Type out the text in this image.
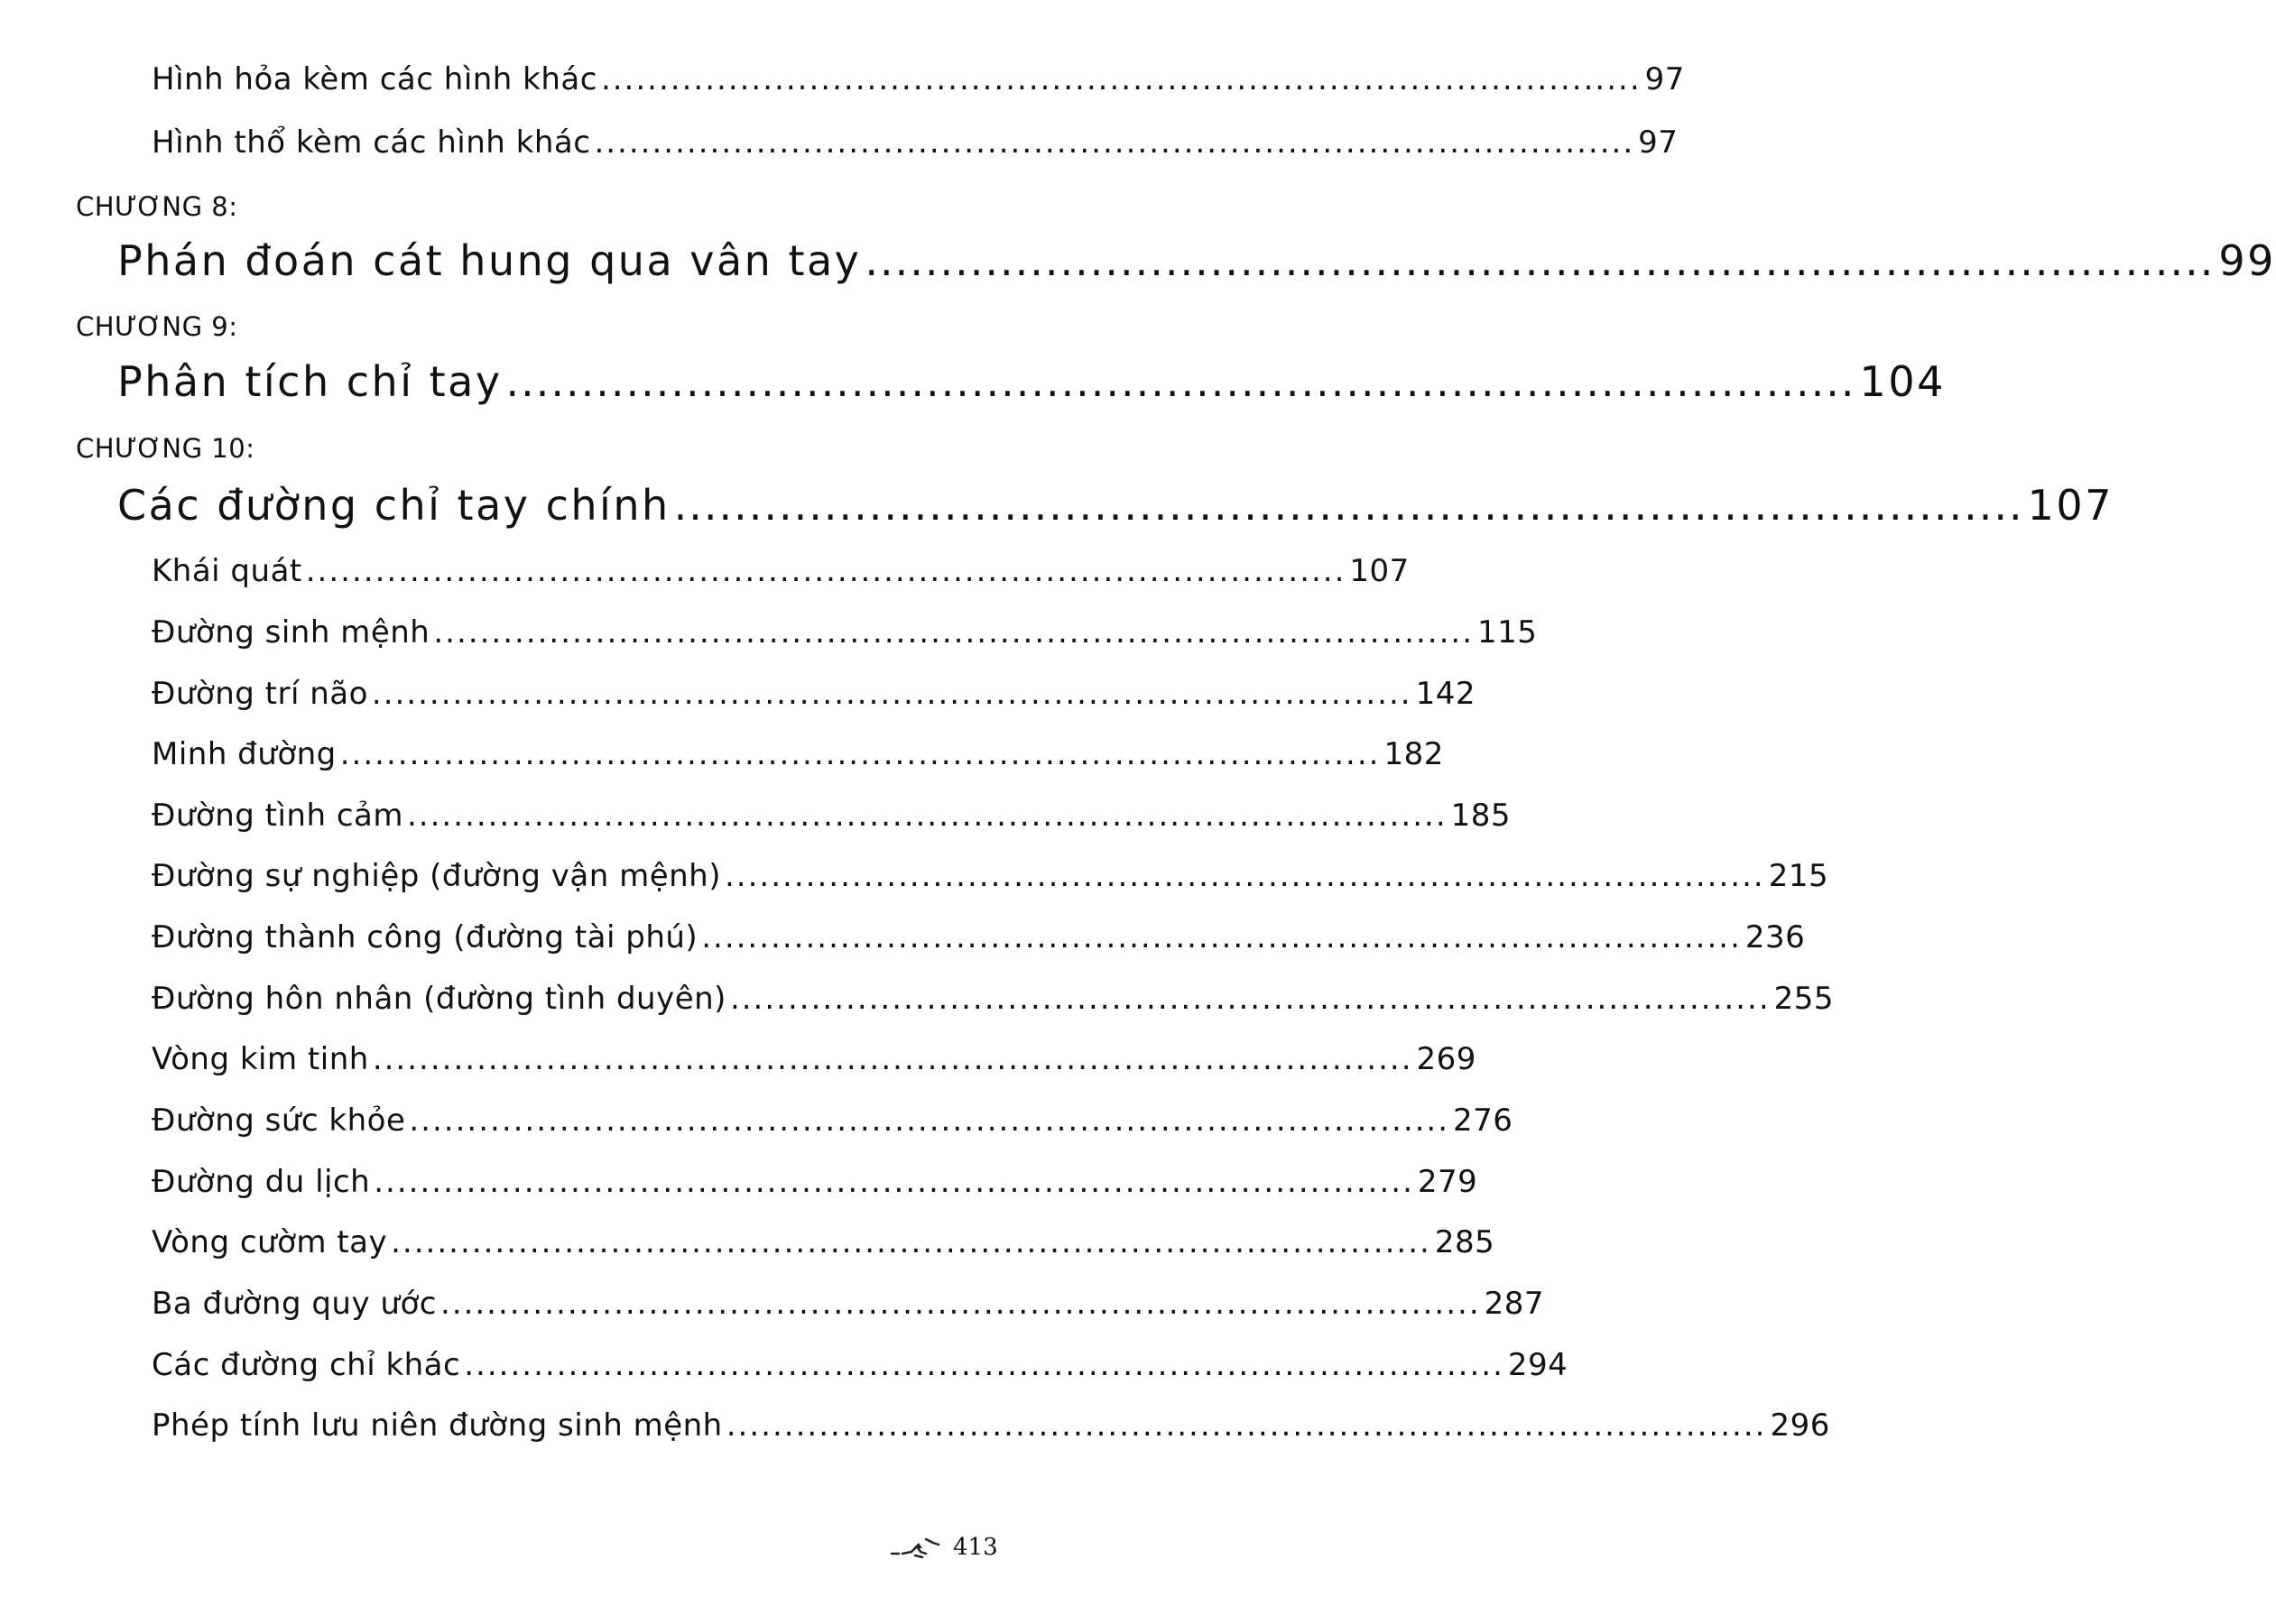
Hình hỏa kèm các hình khác .......................................................................................... 97
Hình thổ kèm các hình khác .......................................................................................... 97
CHƯƠNG 8:
Phán đoán cát hung qua vân tay .......................................................................................... 99
CHƯƠNG 9:
Phân tích chỉ tay .......................................................................................... 104
CHƯƠNG 10:
Các đường chỉ tay chính .......................................................................................... 107
Khái quát .......................................................................................... 107
Đường sinh mệnh .......................................................................................... 115
Đường trí não .......................................................................................... 142
Minh đường .......................................................................................... 182
Đường tình cảm .......................................................................................... 185
Đường sự nghiệp (đường vận mệnh) .......................................................................................... 215
Đường thành công (đường tài phú) .......................................................................................... 236
Đường hôn nhân (đường tình duyên) .......................................................................................... 255
Vòng kim tinh .......................................................................................... 269
Đường sức khỏe .......................................................................................... 276
Đường du lịch .......................................................................................... 279
Vòng cườm tay .......................................................................................... 285
Ba đường quy ước .......................................................................................... 287
Các đường chỉ khác .......................................................................................... 294
Phép tính lưu niên đường sinh mệnh .......................................................................................... 296
413
